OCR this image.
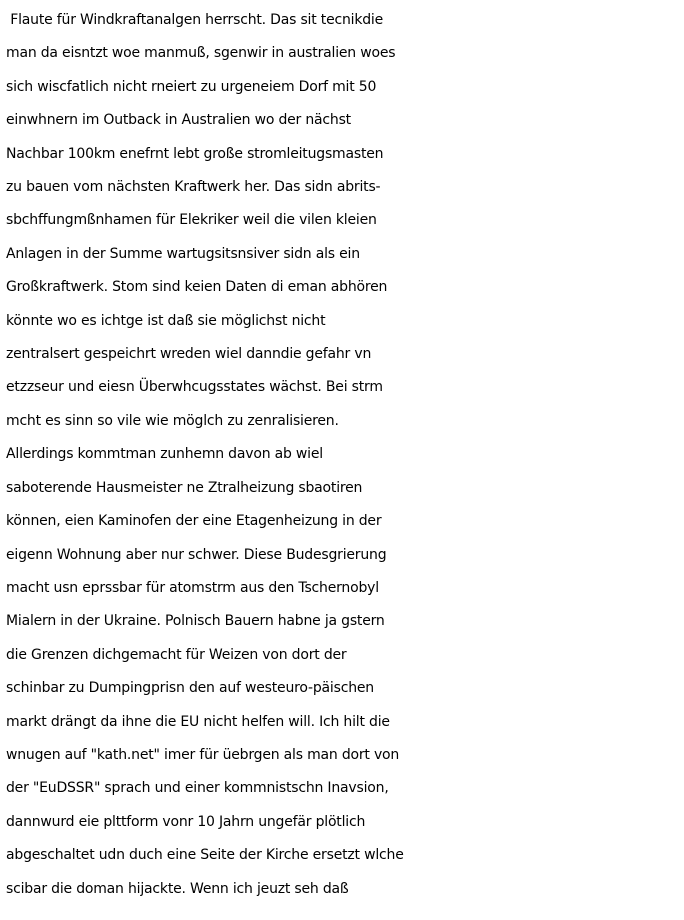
Flaute für Windkraftanalgen herrscht. Das sit tecnikdie
man da eisntzt woe manmuß, sgenwir in australien woes
sich wiscfatlich nicht rneiert zu urgeneiem Dorf mit 50
einwhnern im Outback in Australien wo der nächst
Nachbar 100km enefrnt lebt große stromleitugsmasten
zu bauen vom nächsten Kraftwerk her. Das sidn abrits-
sbchffungmßnhamen für Elekriker weil die vilen kleien
Anlagen in der Summe wartugsitsnsiver sidn als ein
Großkraftwerk. Stom sind keien Daten di eman abhören
könnte wo es ichtge ist daß sie möglichst nicht
zentralsert gespeichrt wreden wiel danndie gefahr vn
etzzseur und eiesn Überwhcugsstates wächst. Bei strm
mcht es sinn so vile wie möglch zu zenralisieren.
Allerdings kommtman zunhemn davon ab wiel
saboterende Hausmeister ne Ztralheizung sbaotiren
können, eien Kaminofen der eine Etagenheizung in der
eigenn Wohnung aber nur schwer. Diese Budesgrierung
macht usn eprssbar für atomstrm aus den Tschernobyl
Mialern in der Ukraine. Polnisch Bauern habne ja gstern
die Grenzen dichgemacht für Weizen von dort der
schinbar zu Dumpingprisn den auf westeuro-päischen
markt drängt da ihne die EU nicht helfen will. Ich hilt die
wnugen auf "kath.net" imer für üebrgen als man dort von
der "EuDSSR" sprach und einer kommnistschn Inavsion,
dannwurd eie plttform vonr 10 Jahrn ungefär plötlich
abgeschaltet udn duch eine Seite der Kirche ersetzt wlche
scibar die doman hijackte. Wenn ich jeuzt seh daß
